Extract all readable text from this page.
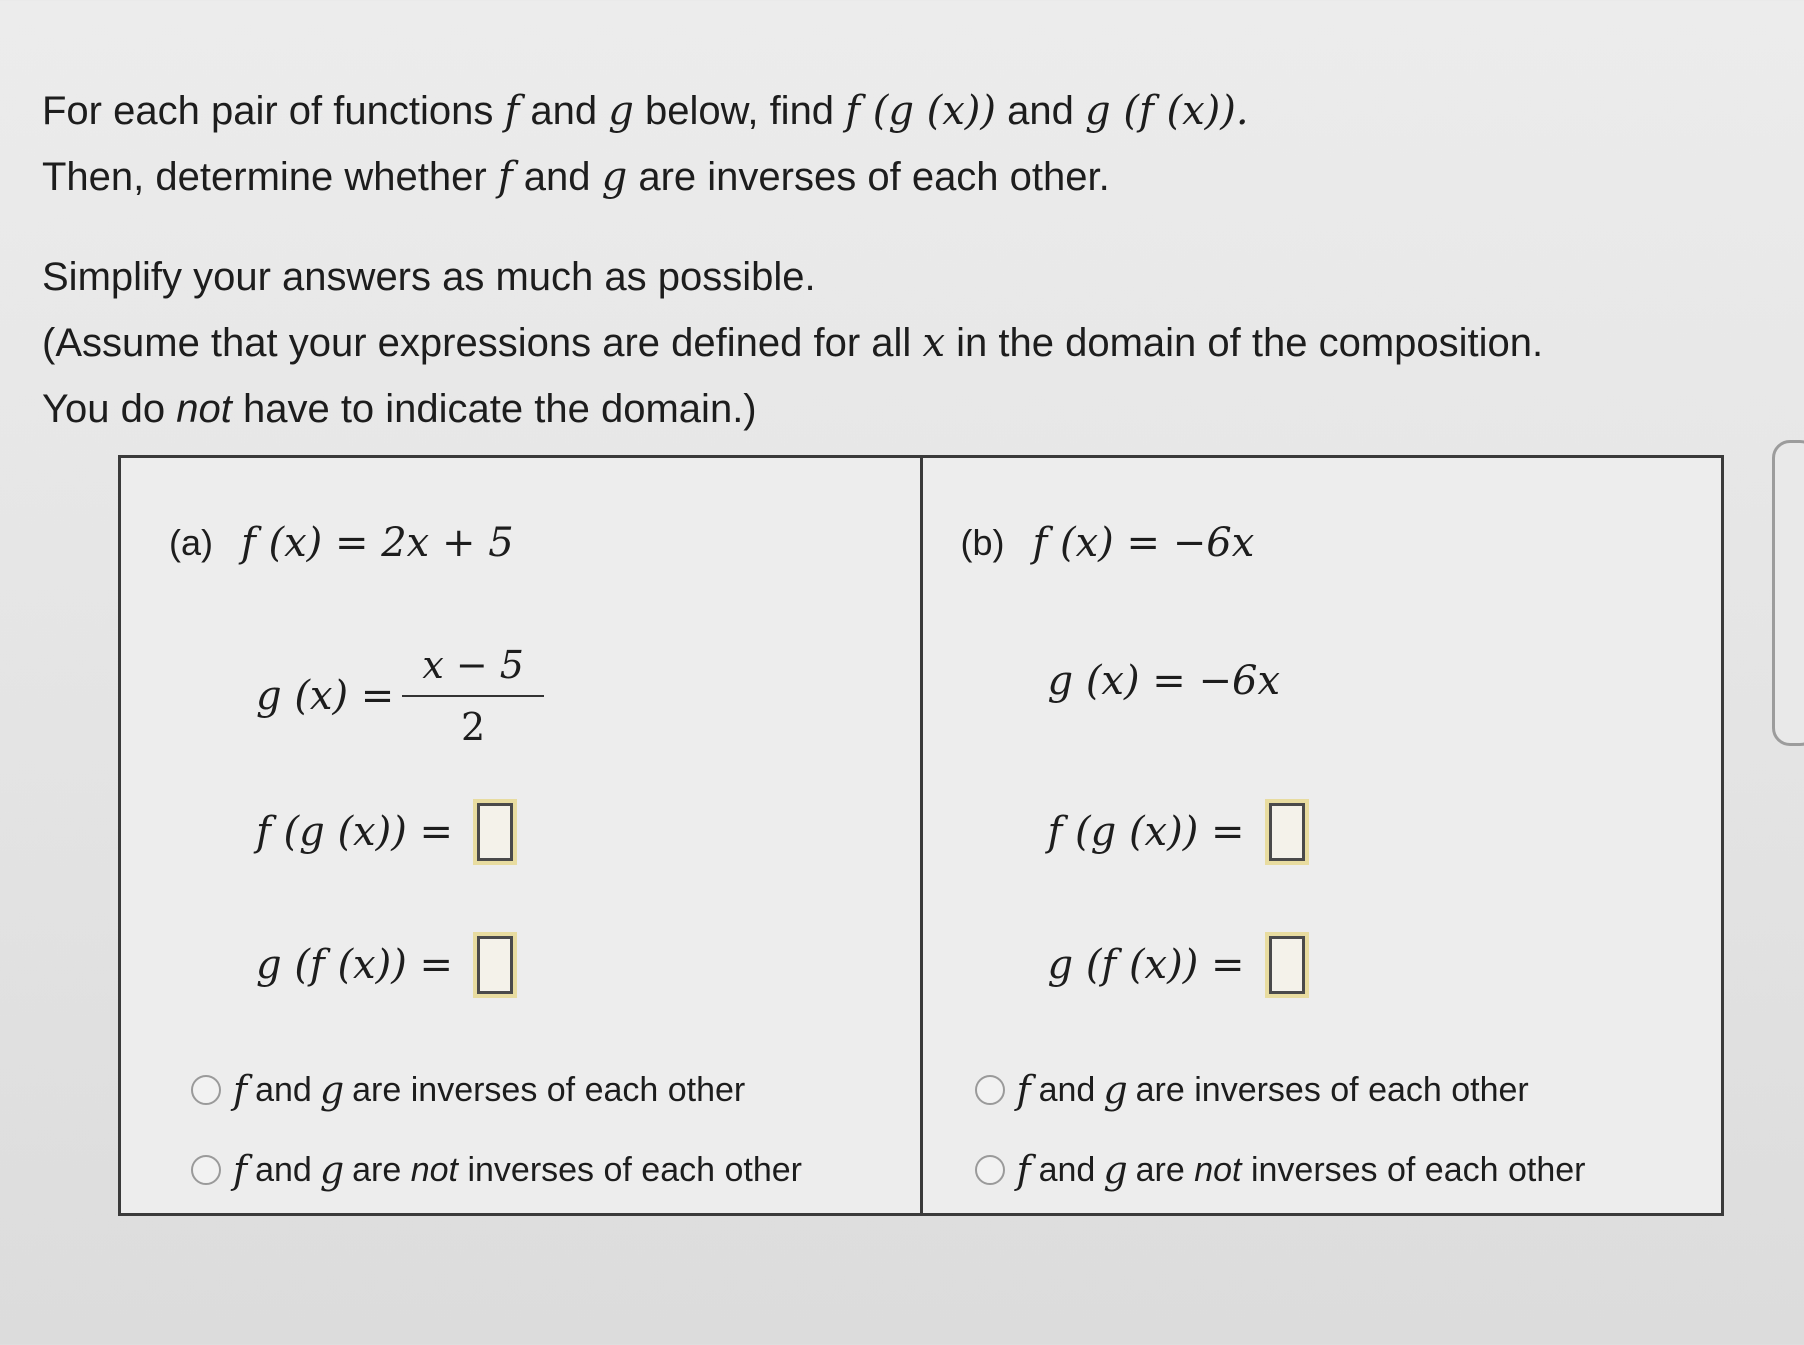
For each pair of functions f and g below, find f (g (x)) and g (f (x)).

Then, determine whether f and g are inverses of each other.

Simplify your answers as much as possible.

(Assume that your expressions are defined for all x in the domain of the composition.

You do not have to indicate the domain.)

(a) f (x) = 2x + 5
g $(x) = \frac{x - 5}{2}$
f (g (x)) =
g (f (x)) =
f and g are inverses of each other
f and g are
not
inverses of each other
(b) f (x) = −6x
g (x) = −6x
f (g (x)) =
g (f (x)) =
f and g are inverses of each other
f and g are
not
inverses of each other
